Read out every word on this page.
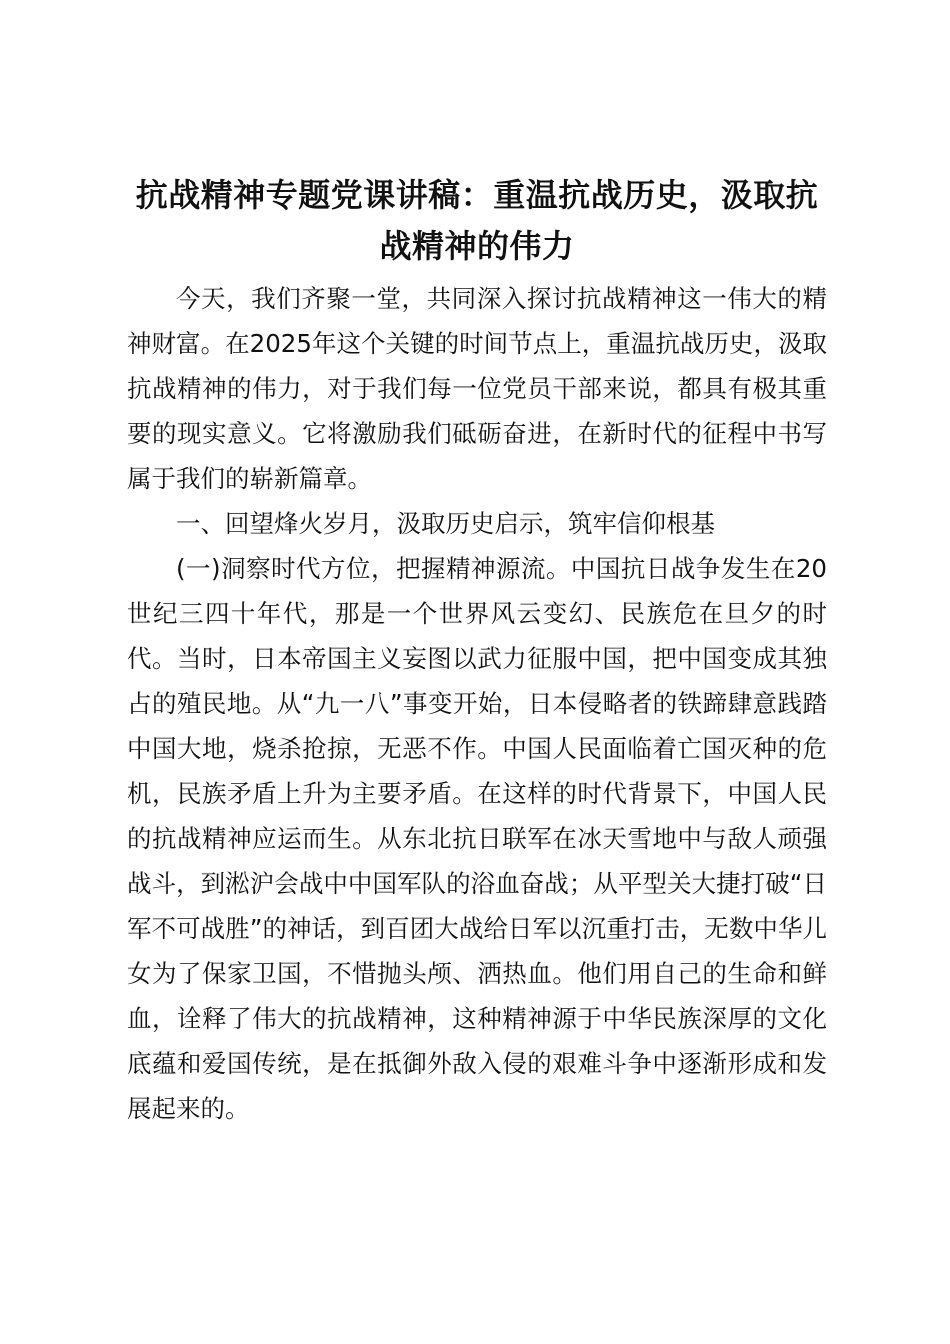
抗战精神专题党课讲稿：重温抗战历史，汲取抗战精神的伟力

今天，我们齐聚一堂，共同深入探讨抗战精神这一伟大的精神财富。在2025年这个关键的时间节点上，重温抗战历史，汲取抗战精神的伟力，对于我们每一位党员干部来说，都具有极其重要的现实意义。它将激励我们砥砺奋进，在新时代的征程中书写属于我们的崭新篇章。

一、回望烽火岁月，汲取历史启示，筑牢信仰根基

(一)洞察时代方位，把握精神源流。中国抗日战争发生在20世纪三四十年代，那是一个世界风云变幻、民族危在旦夕的时代。当时，日本帝国主义妄图以武力征服中国，把中国变成其独占的殖民地。从“九一八”事变开始，日本侵略者的铁蹄肆意践踏中国大地，烧杀抢掠，无恶不作。中国人民面临着亡国灭种的危机，民族矛盾上升为主要矛盾。在这样的时代背景下，中国人民的抗战精神应运而生。从东北抗日联军在冰天雪地中与敌人顽强战斗，到淞沪会战中中国军队的浴血奋战；从平型关大捷打破“日军不可战胜”的神话，到百团大战给日军以沉重打击，无数中华儿女为了保家卫国，不惜抛头颅、洒热血。他们用自己的生命和鲜血，诠释了伟大的抗战精神，这种精神源于中华民族深厚的文化底蕴和爱国传统，是在抵御外敌入侵的艰难斗争中逐渐形成和发展起来的。
